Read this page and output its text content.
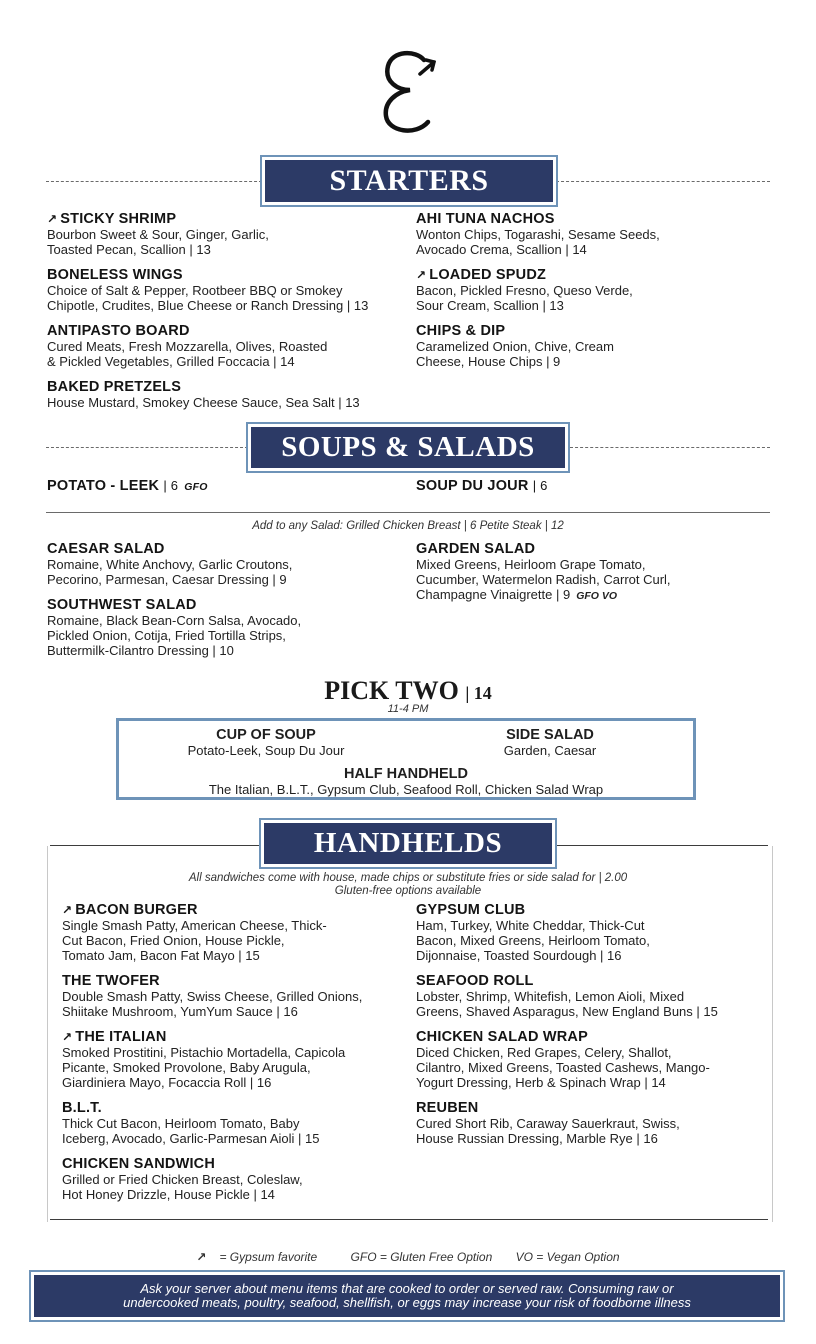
STARTERS
↗ STICKY SHRIMP
Bourbon Sweet & Sour, Ginger, Garlic,
Toasted Pecan, Scallion | 13
AHI TUNA NACHOS
Wonton Chips, Togarashi, Sesame Seeds,
Avocado Crema, Scallion | 14
BONELESS WINGS
Choice of Salt & Pepper, Rootbeer BBQ or Smokey
Chipotle, Crudites, Blue Cheese or Ranch Dressing | 13
↗ LOADED SPUDZ
Bacon, Pickled Fresno, Queso Verde,
Sour Cream, Scallion | 13
ANTIPASTO BOARD
Cured Meats, Fresh Mozzarella, Olives, Roasted
& Pickled Vegetables, Grilled Foccacia | 14
CHIPS & DIP
Caramelized Onion, Chive, Cream
Cheese, House Chips | 9
BAKED PRETZELS
House Mustard, Smokey Cheese Sauce, Sea Salt | 13
SOUPS & SALADS
POTATO - LEEK | 6 GFO	SOUP DU JOUR | 6
Add to any Salad: Grilled Chicken Breast | 6 Petite Steak | 12
CAESAR SALAD
Romaine, White Anchovy, Garlic Croutons,
Pecorino, Parmesan, Caesar Dressing | 9
GARDEN SALAD
Mixed Greens, Heirloom Grape Tomato,
Cucumber, Watermelon Radish, Carrot Curl,
Champagne Vinaigrette | 9 GFO VO
SOUTHWEST SALAD
Romaine, Black Bean-Corn Salsa, Avocado,
Pickled Onion, Cotija, Fried Tortilla Strips,
Buttermilk-Cilantro Dressing | 10
PICK TWO | 14
11-4 PM
CUP OF SOUP
Potato-Leek, Soup Du Jour
SIDE SALAD
Garden, Caesar
HALF HANDHELD
The Italian, B.L.T., Gypsum Club, Seafood Roll, Chicken Salad Wrap
HANDHELDS
All sandwiches come with house, made chips or substitute fries or side salad for | 2.00
Gluten-free options available
↗ BACON BURGER
Single Smash Patty, American Cheese, Thick-
Cut Bacon, Fried Onion, House Pickle,
Tomato Jam, Bacon Fat Mayo | 15
GYPSUM CLUB
Ham, Turkey, White Cheddar, Thick-Cut
Bacon, Mixed Greens, Heirloom Tomato,
Dijonnaise, Toasted Sourdough | 16
THE TWOFER
Double Smash Patty, Swiss Cheese, Grilled Onions,
Shiitake Mushroom, YumYum Sauce | 16
SEAFOOD ROLL
Lobster, Shrimp, Whitefish, Lemon Aioli, Mixed
Greens, Shaved Asparagus, New England Buns | 15
↗ THE ITALIAN
Smoked Prostitini, Pistachio Mortadella, Capicola
Picante, Smoked Provolone, Baby Arugula,
Giardiniera Mayo, Focaccia Roll | 16
CHICKEN SALAD WRAP
Diced Chicken, Red Grapes, Celery, Shallot,
Cilantro, Mixed Greens, Toasted Cashews, Mango-
Yogurt Dressing, Herb & Spinach Wrap | 14
B.L.T.
Thick Cut Bacon, Heirloom Tomato, Baby
Iceberg, Avocado, Garlic-Parmesan Aioli | 15
REUBEN
Cured Short Rib, Caraway Sauerkraut, Swiss,
House Russian Dressing, Marble Rye | 16
CHICKEN SANDWICH
Grilled or Fried Chicken Breast, Coleslaw,
Hot Honey Drizzle, House Pickle | 14
↗ = Gypsum favorite	GFO = Gluten Free Option VO = Vegan Option
Ask your server about menu items that are cooked to order or served raw. Consuming raw or
undercooked meats, poultry, seafood, shellfish, or eggs may increase your risk of foodborne illness
